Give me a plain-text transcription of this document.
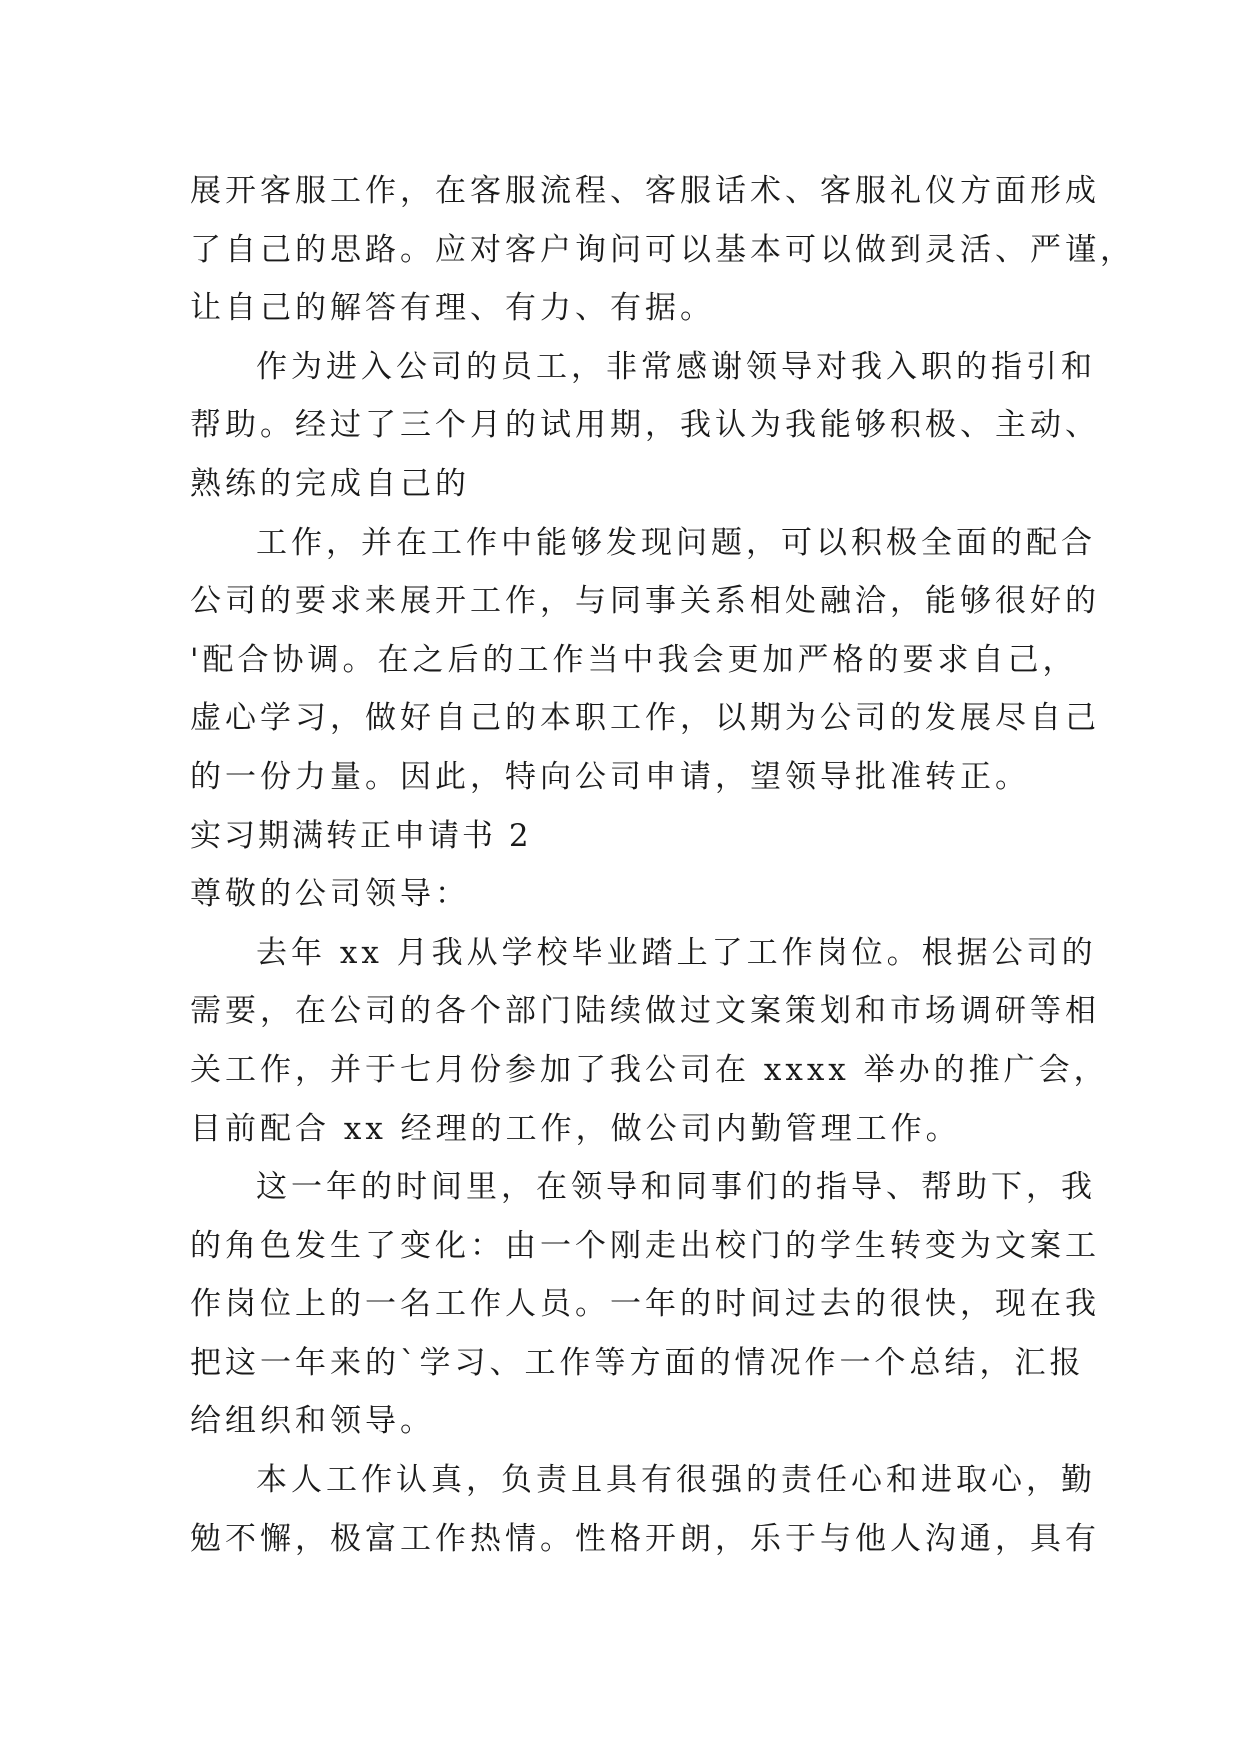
展开客服工作，在客服流程、客服话术、客服礼仪方面形成

了自己的思路。应对客户询问可以基本可以做到灵活、严谨，

让自己的解答有理、有力、有据。

作为进入公司的员工，非常感谢领导对我入职的指引和

帮助。经过了三个月的试用期，我认为我能够积极、主动、

熟练的完成自己的

工作，并在工作中能够发现问题，可以积极全面的配合

公司的要求来展开工作，与同事关系相处融洽，能够很好的

'配合协调。在之后的工作当中我会更加严格的要求自己，

虚心学习，做好自己的本职工作，以期为公司的发展尽自己

的一份力量。因此，特向公司申请，望领导批准转正。

实习期满转正申请书 2

尊敬的公司领导：

去年 xx 月我从学校毕业踏上了工作岗位。根据公司的

需要，在公司的各个部门陆续做过文案策划和市场调研等相

关工作，并于七月份参加了我公司在 xxxx 举办的推广会，

目前配合 xx 经理的工作，做公司内勤管理工作。

这一年的时间里，在领导和同事们的指导、帮助下，我

的角色发生了变化：由一个刚走出校门的学生转变为文案工

作岗位上的一名工作人员。一年的时间过去的很快，现在我

把这一年来的`学习、工作等方面的情况作一个总结，汇报

给组织和领导。

本人工作认真，负责且具有很强的责任心和进取心，勤

勉不懈，极富工作热情。性格开朗，乐于与他人沟通，具有
